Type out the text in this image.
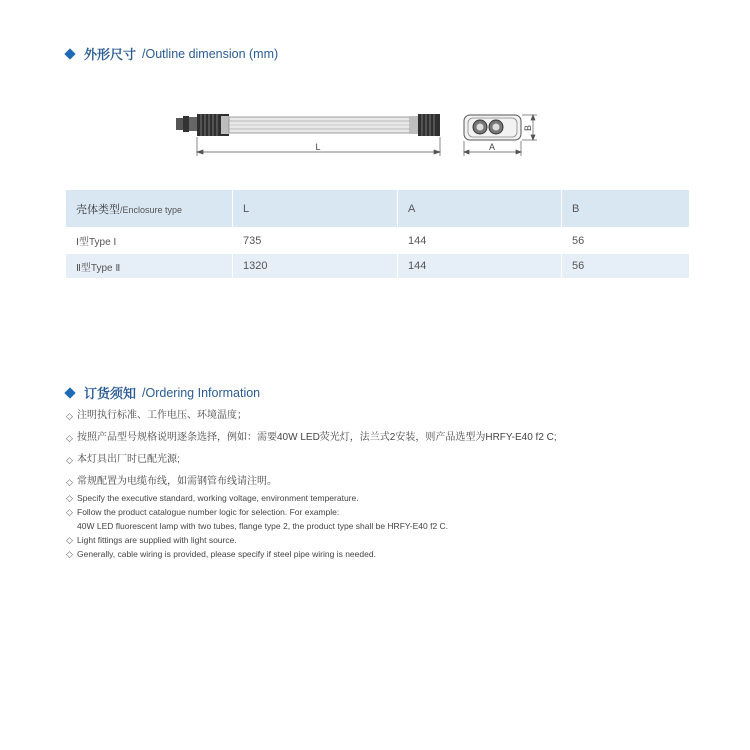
外形尺寸 /Outline dimension (mm)
L	A
B
壳体类型/Enclosure type	L	A	B
Ⅰ型Type Ⅰ	735	144	56
Ⅱ型Type Ⅱ	1320	144	56
订货须知 /Ordering Information
◇ 注明执行标准、工作电压、环境温度；
◇ 按照产品型号规格说明逐条选择，例如：需要40W LED荧光灯，法兰式2安装，则产品选型为HRFY-E40 f2 C;
◇ 本灯具出厂时已配光源;
◇ 常规配置为电缆布线，如需钢管布线请注明。
◇ Specify the executive standard, working voltage, environment temperature.
◇ Follow the product catalogue number logic for selection. For example:
40W LED fluorescent lamp with two tubes, flange type 2, the product type shall be HRFY-E40 f2 C.
◇ Light fittings are supplied with light source.
◇ Generally, cable wiring is provided, please specify if steel pipe wiring is needed.
